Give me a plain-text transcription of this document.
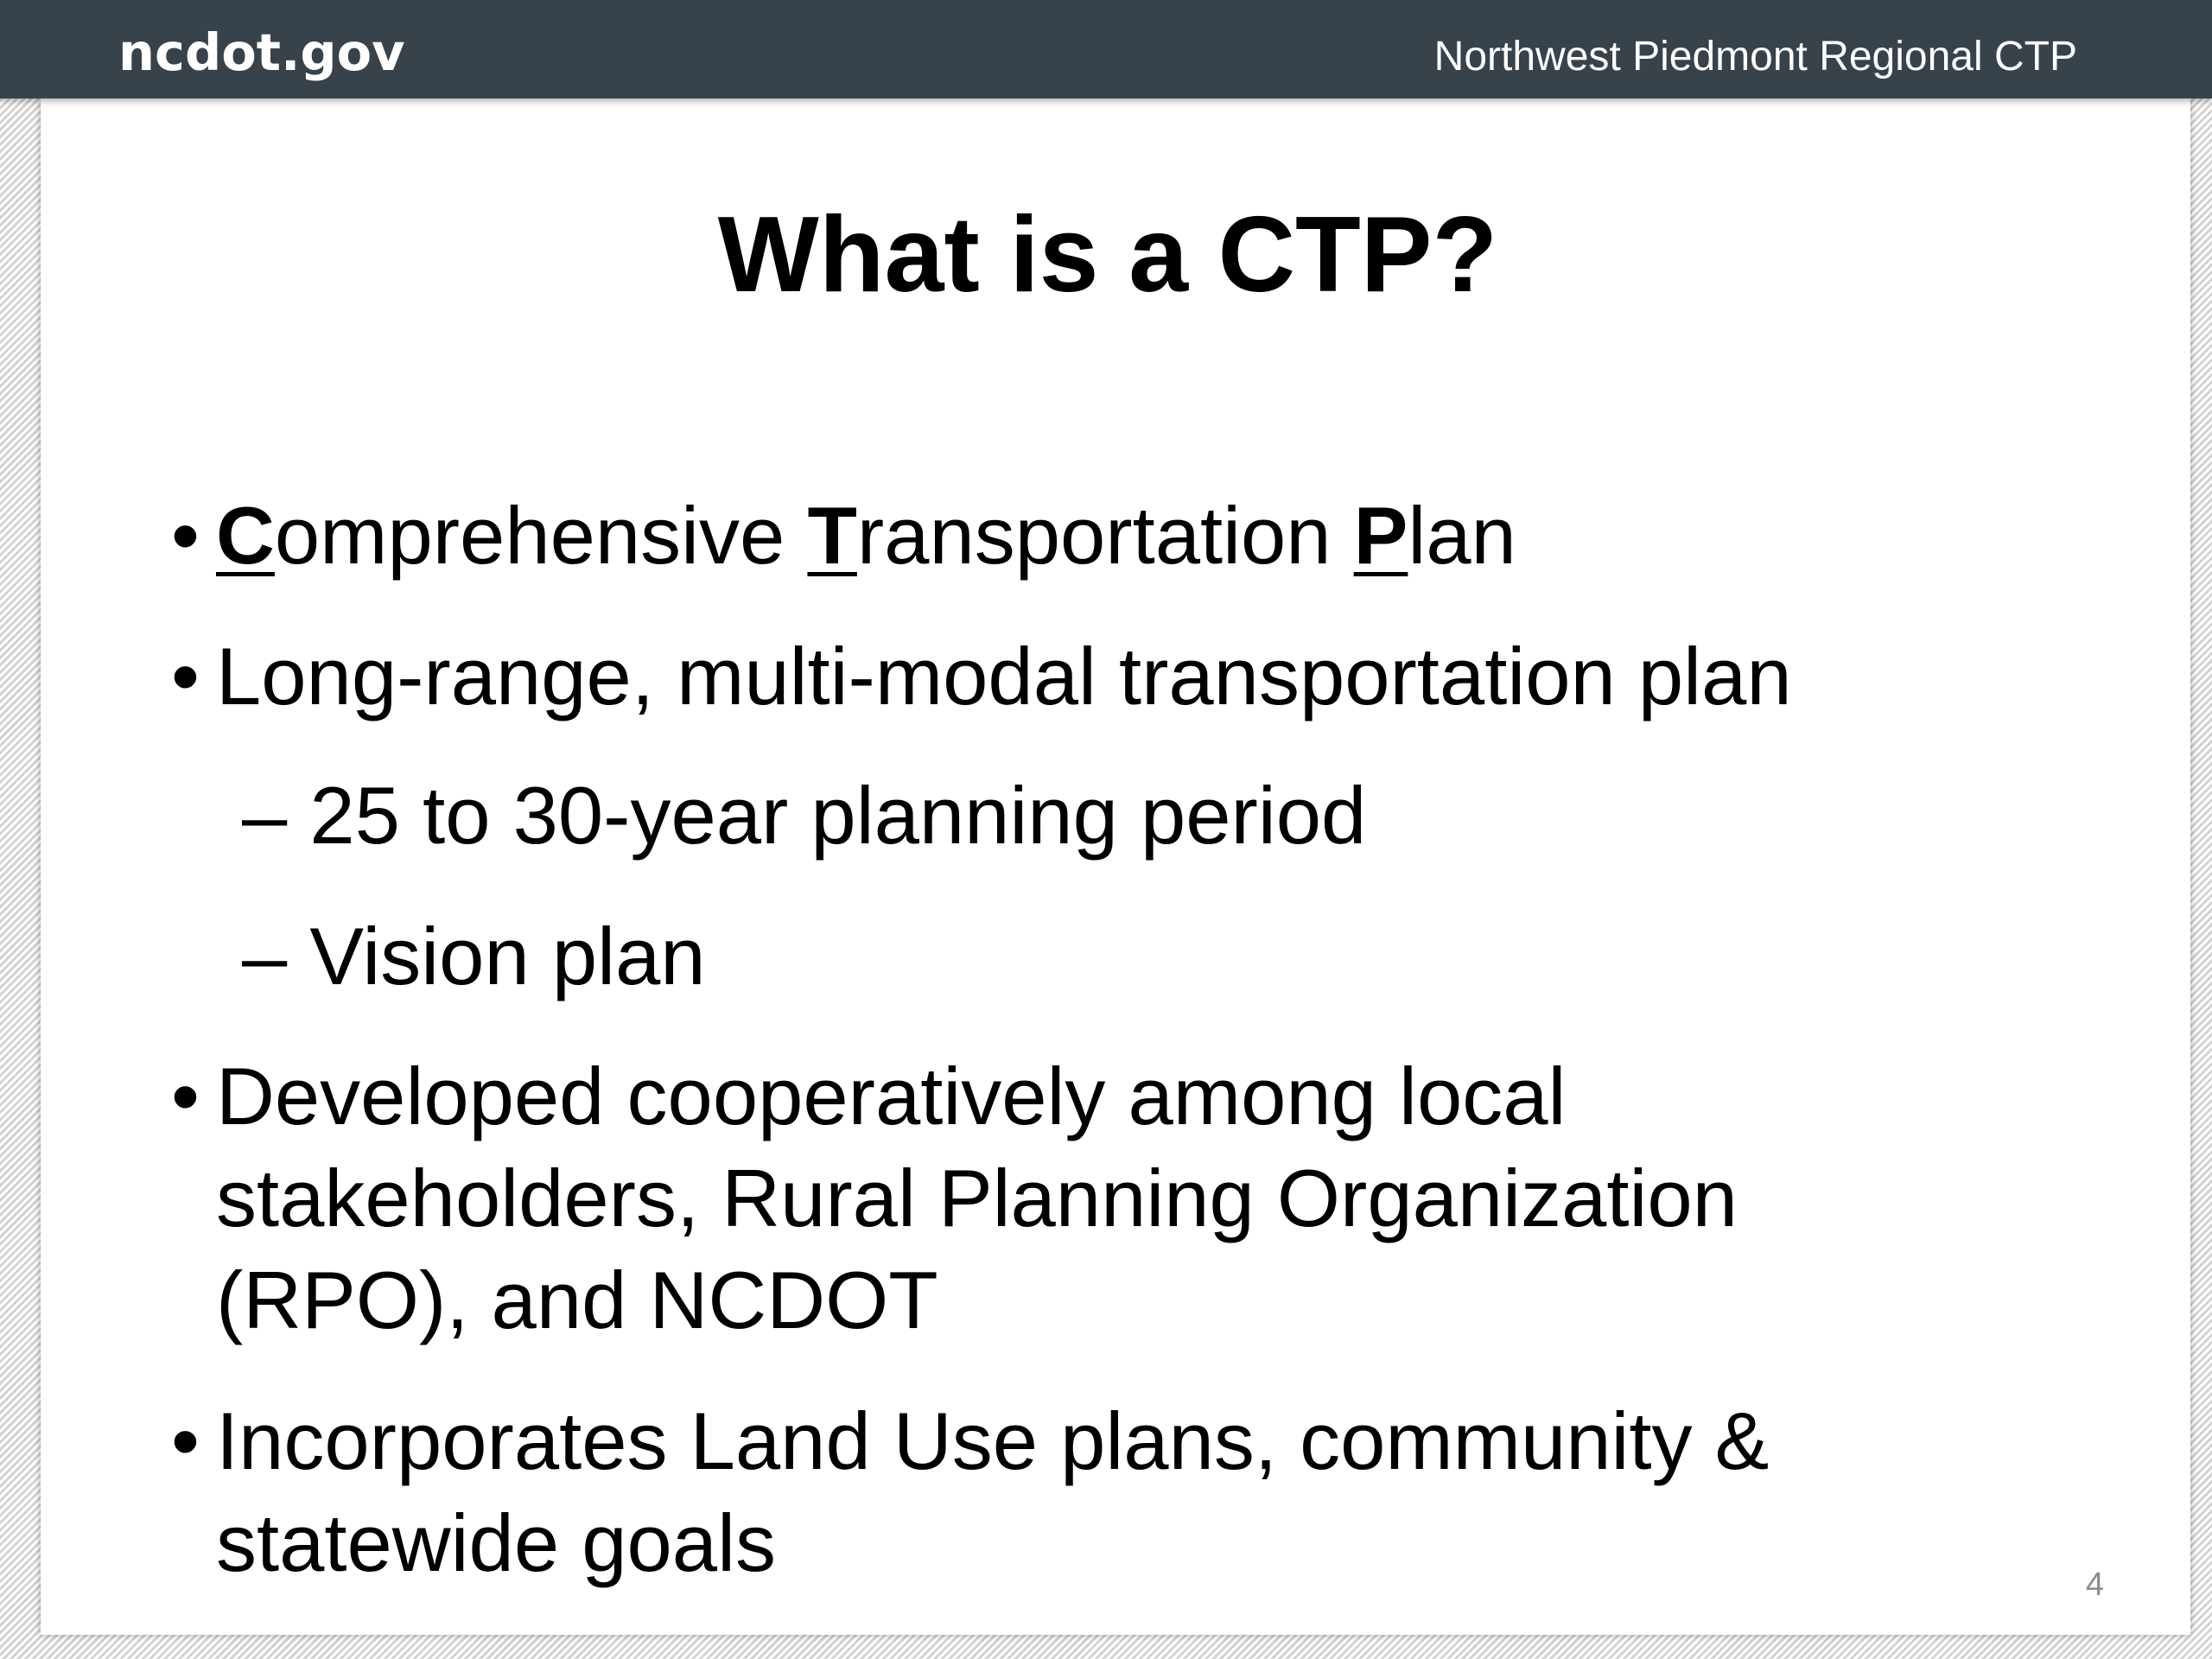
ncdot.gov	Northwest Piedmont Regional CTP
What is a CTP?
• Comprehensive Transportation Plan
• Long-range, multi-modal transportation plan
– 25 to 30-year planning period
– Vision plan
• Developed cooperatively among local
stakeholders, Rural Planning Organization
(RPO), and NCDOT
• Incorporates Land Use plans, community &
statewide goals	4
